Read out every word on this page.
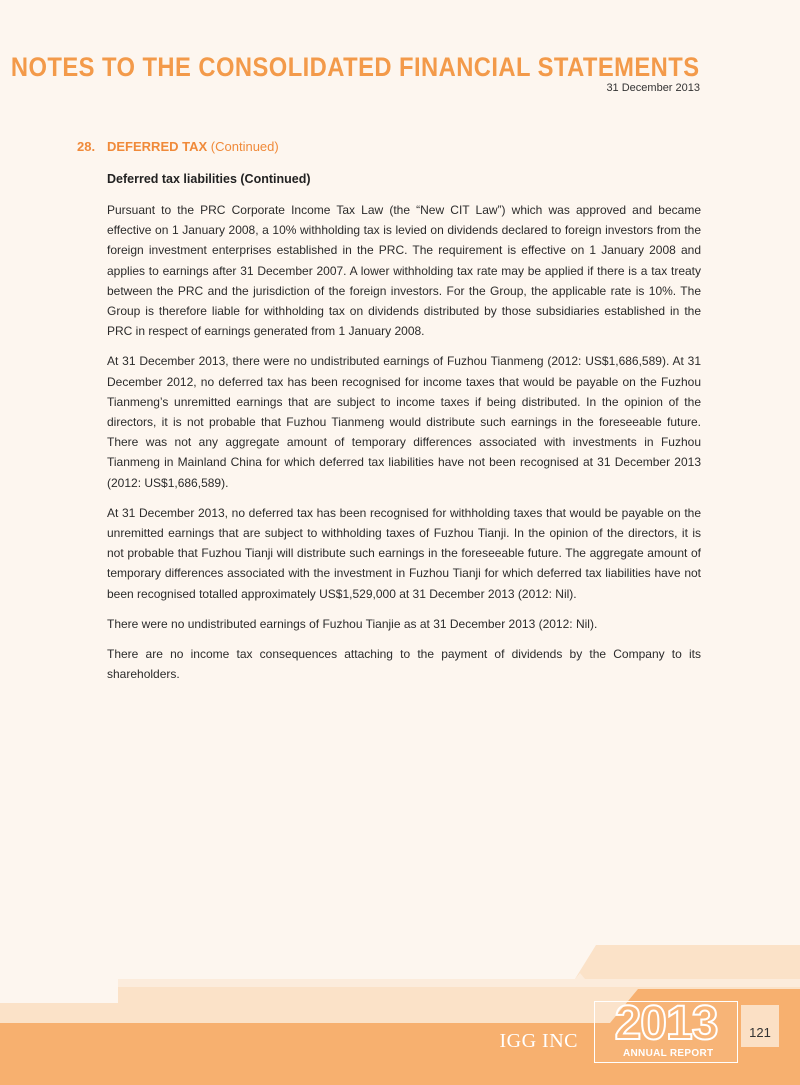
NOTES TO THE CONSOLIDATED FINANCIAL STATEMENTS
31 December 2013
28. DEFERRED TAX (Continued)
Deferred tax liabilities (Continued)

Pursuant to the PRC Corporate Income Tax Law (the “New CIT Law”) which was approved and became effective on 1 January 2008, a 10% withholding tax is levied on dividends declared to foreign investors from the foreign investment enterprises established in the PRC. The requirement is effective on 1 January 2008 and applies to earnings after 31 December 2007. A lower withholding tax rate may be applied if there is a tax treaty between the PRC and the jurisdiction of the foreign investors. For the Group, the applicable rate is 10%. The Group is therefore liable for withholding tax on dividends distributed by those subsidiaries established in the PRC in respect of earnings generated from 1 January 2008.

At 31 December 2013, there were no undistributed earnings of Fuzhou Tianmeng (2012: US$1,686,589). At 31 December 2012, no deferred tax has been recognised for income taxes that would be payable on the Fuzhou Tianmeng’s unremitted earnings that are subject to income taxes if being distributed. In the opinion of the directors, it is not probable that Fuzhou Tianmeng would distribute such earnings in the foreseeable future. There was not any aggregate amount of temporary differences associated with investments in Fuzhou Tianmeng in Mainland China for which deferred tax liabilities have not been recognised at 31 December 2013 (2012: US$1,686,589).

At 31 December 2013, no deferred tax has been recognised for withholding taxes that would be payable on the unremitted earnings that are subject to withholding taxes of Fuzhou Tianji. In the opinion of the directors, it is not probable that Fuzhou Tianji will distribute such earnings in the foreseeable future. The aggregate amount of temporary differences associated with the investment in Fuzhou Tianji for which deferred tax liabilities have not been recognised totalled approximately US$1,529,000 at 31 December 2013 (2012: Nil).

There were no undistributed earnings of Fuzhou Tianjie as at 31 December 2013 (2012: Nil).

There are no income tax consequences attaching to the payment of dividends by the Company to its shareholders.

IGG INC 2013
ANNUAL REPORT
121
